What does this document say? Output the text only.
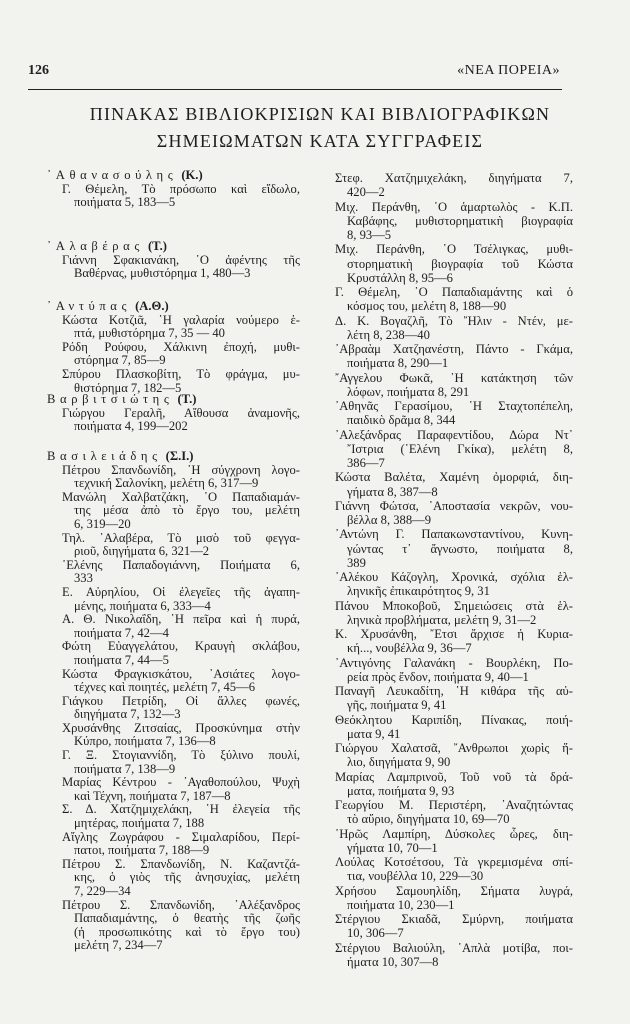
126	«ΝΕΑ ΠΟΡΕΙΑ»
ΠΙΝΑΚΑΣ ΒΙΒΛΙΟΚΡΙΣΙΩΝ ΚΑΙ ΒΙΒΛΙΟΓΡΑΦΙΚΩΝ
ΣΗΜΕΙΩΜΑΤΩΝ ΚΑΤΑ ΣΥΓΓΡΑΦΕΙΣ
᾿Αθανασούλης (Κ.)
Γ. Θέμελη, Τὸ πρόσωπο καὶ εἴδωλο,
ποιήματα 5, 183—5
᾿Αλαβέρας (Τ.)
Γιάννη Σφακιανάκη, ῾Ο ἀφέντης τῆς
Βαθέρνας, μυθιστόρημα 1, 480—3
᾿Αντύπας (Α.Θ.)
Κώστα Κοτζιᾶ, ῾Η γαλαρία νούμερο ἑ-
πτά, μυθιστόρημα 7, 35 — 40
Ρόδη Ρούφου, Χάλκινη ἐποχή, μυθι-
στόρημα 7, 85—9
Σπύρου Πλασκοβίτη, Τὸ φράγμα, μυ-
θιστόρημα 7, 182—5
Βαρβιτσιώτης (Τ.)
Γιώργου Γεραλῆ, Αἴθουσα ἀναμονῆς,
ποιήματα 4, 199—202
Βασιλειάδης (Σ.Ι.)
Πέτρου Σπανδωνίδη, ῾Η σύγχρονη λογο-
τεχνική Σαλονίκη, μελέτη 6, 317—9
Μανώλη Χαλβατζάκη, ῾Ο Παπαδιαμάν-
της μέσα ἀπὸ τὸ ἔργο του, μελέτη
6, 319—20
Τηλ. ᾿Αλαβέρα, Τὸ μισὸ τοῦ φεγγα-
ριοῦ, διηγήματα 6, 321—2
῾Ελένης Παπαδογιάννη, Ποιήματα 6,
333
Ε. Αὐρηλίου, Οἱ ἐλεγεῖες τῆς ἀγαπη-
μένης, ποιήματα 6, 333—4
Α. Θ. Νικολαΐδη, ῾Η πεῖρα καὶ ἡ πυρά,
ποιήματα 7, 42—4
Φώτη Εὐαγγελάτου, Κραυγὴ σκλάβου,
ποιήματα 7, 44—5
Κώστα Φραγκισκάτου, ᾿Ασιάτες λογο-
τέχνες καὶ ποιητές, μελέτη 7, 45—6
Γιάγκου Πετρίδη, Οἱ ἄλλες φωνές,
διηγήματα 7, 132—3
Χρυσάνθης Ζιτσαίας, Προσκύνημα στὴν
Κύπρο, ποιήματα 7, 136—8
Γ. Ξ. Στογιαννίδη, Τὸ ξύλινο πουλί,
ποιήματα 7, 138—9
Μαρίας Κέντρου - ᾿Αγαθοπούλου, Ψυχὴ
καὶ Τέχνη, ποιήματα 7, 187—8
Σ. Δ. Χατζημιχελάκη, ῾Η ἐλεγεία τῆς
μητέρας, ποιήματα 7, 188
Αἴγλης Ζωγράφου - Σιμαλαρίδου, Περί-
πατοι, ποιήματα 7, 188—9
Πέτρου Σ. Σπανδωνίδη, Ν. Καζαντζά-
κης, ὁ γιὸς τῆς ἀνησυχίας, μελέτη
7, 229—34
Πέτρου Σ. Σπανδωνίδη, ᾿Αλέξανδρος
Παπαδιαμάντης, ὁ θεατὴς τῆς ζωῆς
(ἡ προσωπικότης καὶ τὸ ἔργο του)
μελέτη 7, 234—7
Στεφ. Χατζημιχελάκη, διηγήματα 7,
420—2
Μιχ. Περάνθη, ῾Ο ἁμαρτωλὸς - Κ.Π.
Καβάφης, μυθιστορηματικὴ βιογραφία
8, 93—5
Μιχ. Περάνθη, ῾Ο Τσέλιγκας, μυθι-
στορηματικὴ βιογραφία τοῦ Κώστα
Κρυστάλλη 8, 95—6
Γ. Θέμελη, ῾Ο Παπαδιαμάντης καὶ ὁ
κόσμος του, μελέτη 8, 188—90
Δ. Κ. Βογαζλῆ, Τὸ ῎Ηλιν - Ντέν, με-
λέτη 8, 238—40
᾿Αβραὰμ Χατζηανέστη, Πάντο - Γκάμα,
ποιήματα 8, 290—1
῎Αγγελου Φωκᾶ, ῾Η κατάκτηση τῶν
λόφων, ποιήματα 8, 291
᾿Αθηνᾶς Γερασίμου, ῾Η Σταχτοπέπελη,
παιδικὸ δρᾶμα 8, 344
᾿Αλεξάνδρας Παραφεντίδου, Δώρα Ντ᾿
῎Ιστρια (῾Ελένη Γκίκα), μελέτη 8,
386—7
Κώστα Βαλέτα, Χαμένη ὀμορφιά, διη-
γήματα 8, 387—8
Γιάννη Φώτσα, ᾿Αποστασία νεκρῶν, νου-
βέλλα 8, 388—9
᾿Αντώνη Γ. Παπακωνσταντίνου, Κυνη-
γώντας τ᾿ ἄγνωστο, ποιήματα 8,
389
᾿Αλέκου Κάζογλη, Χρονικά, σχόλια ἑλ-
ληνικῆς ἐπικαιρότητος 9, 31
Πάνου Μποκοβοῦ, Σημειώσεις στὰ ἑλ-
ληνικὰ προβλήματα, μελέτη 9, 31—2
Κ. Χρυσάνθη, ῎Ετσι ἄρχισε ἡ Κυρια-
κή..., νουβέλλα 9, 36—7
᾿Αντιγόνης Γαλανάκη - Βουρλέκη, Πο-
ρεία πρὸς ἔνδον, ποιήματα 9, 40—1
Παναγῆ Λευκαδίτη, ῾Η κιθάρα τῆς αὐ-
γῆς, ποιήματα 9, 41
Θεόκλητου Καριπίδη, Πίνακας, ποιή-
ματα 9, 41
Γιώργου Χαλατσᾶ, ῎Ανθρωποι χωρὶς ἥ-
λιο, διηγήματα 9, 90
Μαρίας Λαμπρινοῦ, Τοῦ νοῦ τὰ δρά-
ματα, ποιήματα 9, 93
Γεωργίου Μ. Περιστέρη, ᾿Αναζητώντας
τὸ αὔριο, διηγήματα 10, 69—70
῾Ηρῶς Λαμπίρη, Δύσκολες ὧρες, διη-
γήματα 10, 70—1
Λούλας Κοτσέτσου, Τὰ γκρεμισμένα σπί-
τια, νουβέλλα 10, 229—30
Χρήσου Σαμουηλίδη, Σήματα λυγρά,
ποιήματα 10, 230—1
Στέργιου Σκιαδᾶ, Σμύρνη, ποιήματα
10, 306—7
Στέργιου Βαλιούλη, ῾Απλὰ μοτίβα, ποι-
ήματα 10, 307—8
